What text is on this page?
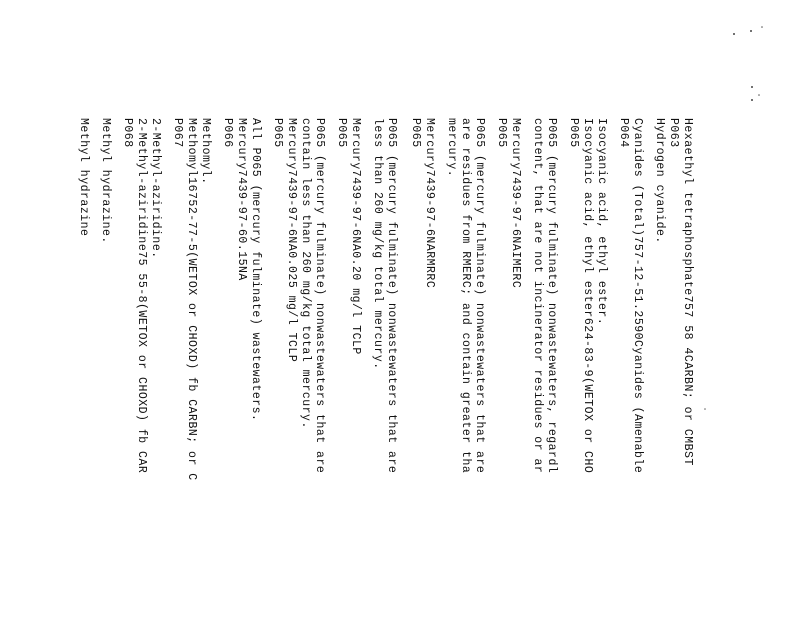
Hexaethyl tetraphosphate757 58 4CARBN; or CMBST
P063
Hydrogen cyanide.
Cyanides (Total)757-12-51.2590Cyanides (Amenable
P064
Isocyanic acid, ethyl ester.
Isocyanic acid, ethyl ester624-83-9(WETOX or CHO
P065
P065 (mercury fulminate) nonwastewaters, regardl
content, that are not incinerator residues or ar
Mercury7439-97-6NAIMERC
P065
P065 (mercury fulminate) nonwastewaters that are
are residues from RMERC; and contain greater tha
mercury.
Mercury7439-97-6NARMRRC
P065
P065 (mercury fulminate) nonwastewaters that are
less than 260 mg/kg total mercury.
Mercury7439-97-6NA0.20 mg/l TCLP
P065
P065 (mercury fulminate) nonwastewaters that are
contain less than 260 mg/kg total mercury.
Mercury7439-97-6NA0.025 mg/l TCLP
P065
All P065 (mercury fulminate) wastewaters.
Mercury7439-97-60.15NA
P066
Methomyl.
Methomyl16752-77-5(WETOX or CHOXD) fb CARBN; or C
P067
2-Methyl-aziridine.
2-Methyl-aziridine75 55-8(WETOX or CHOXD) fb CAR
P068
Methyl hydrazine.
Methyl hydrazine
